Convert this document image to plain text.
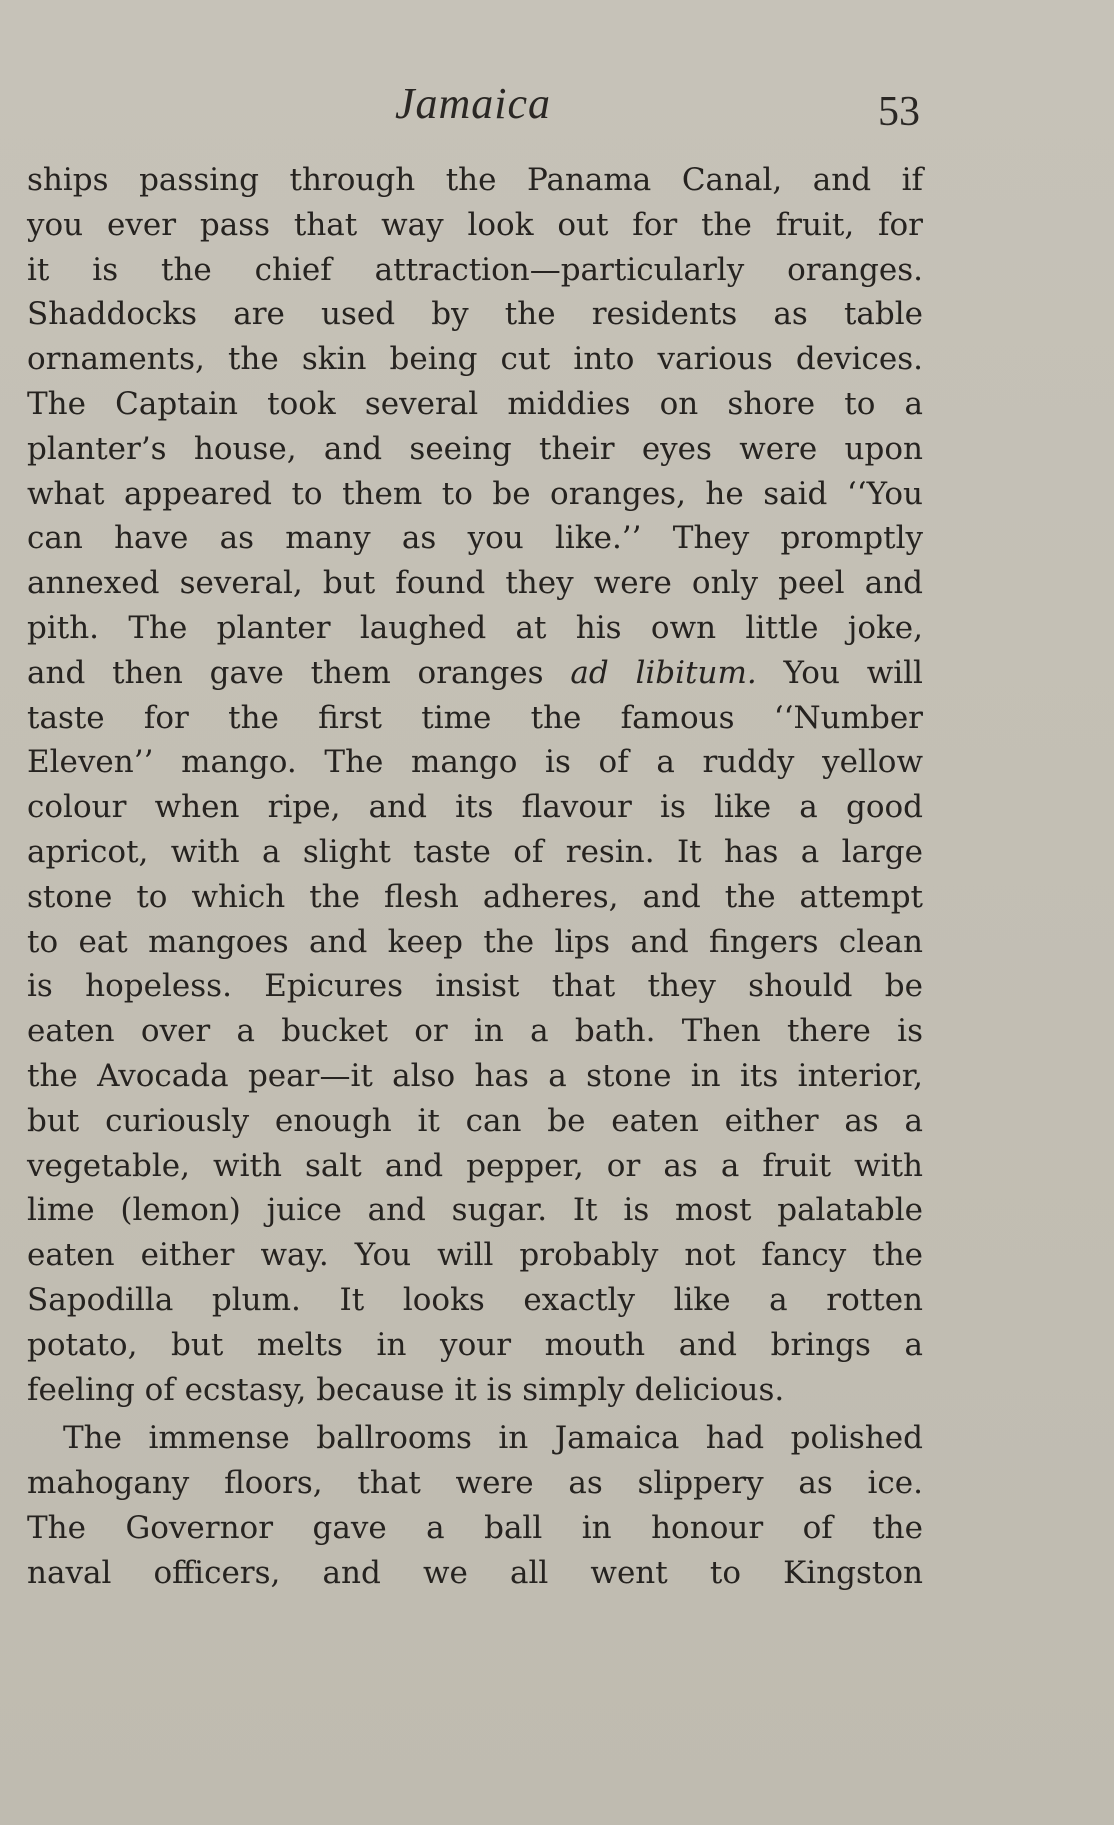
Jamaica	53
ships passing through the Panama Canal, and if
you ever pass that way look out for the fruit, for
it is the chief attraction—particularly oranges.
Shaddocks are used by the residents as table
ornaments, the skin being cut into various devices.
The Captain took several middies on shore to a
planter’s house, and seeing their eyes were upon
what appeared to them to be oranges, he said ‘‘You
can have as many as you like.’’ They promptly
annexed several, but found they were only peel and
pith. The planter laughed at his own little joke,
and then gave them oranges ad libitum. You will
taste for the first time the famous ‘‘Number
Eleven’’ mango. The mango is of a ruddy yellow
colour when ripe, and its flavour is like a good
apricot, with a slight taste of resin. It has a large
stone to which the flesh adheres, and the attempt
to eat mangoes and keep the lips and fingers clean
is hopeless. Epicures insist that they should be
eaten over a bucket or in a bath. Then there is
the Avocada pear—it also has a stone in its interior,
but curiously enough it can be eaten either as a
vegetable, with salt and pepper, or as a fruit with
lime (lemon) juice and sugar. It is most palatable
eaten either way. You will probably not fancy the
Sapodilla plum. It looks exactly like a rotten
potato, but melts in your mouth and brings a
feeling of ecstasy, because it is simply delicious.
The immense ballrooms in Jamaica had polished
mahogany floors, that were as slippery as ice.
The Governor gave a ball in honour of the
naval officers, and we all went to Kingston
